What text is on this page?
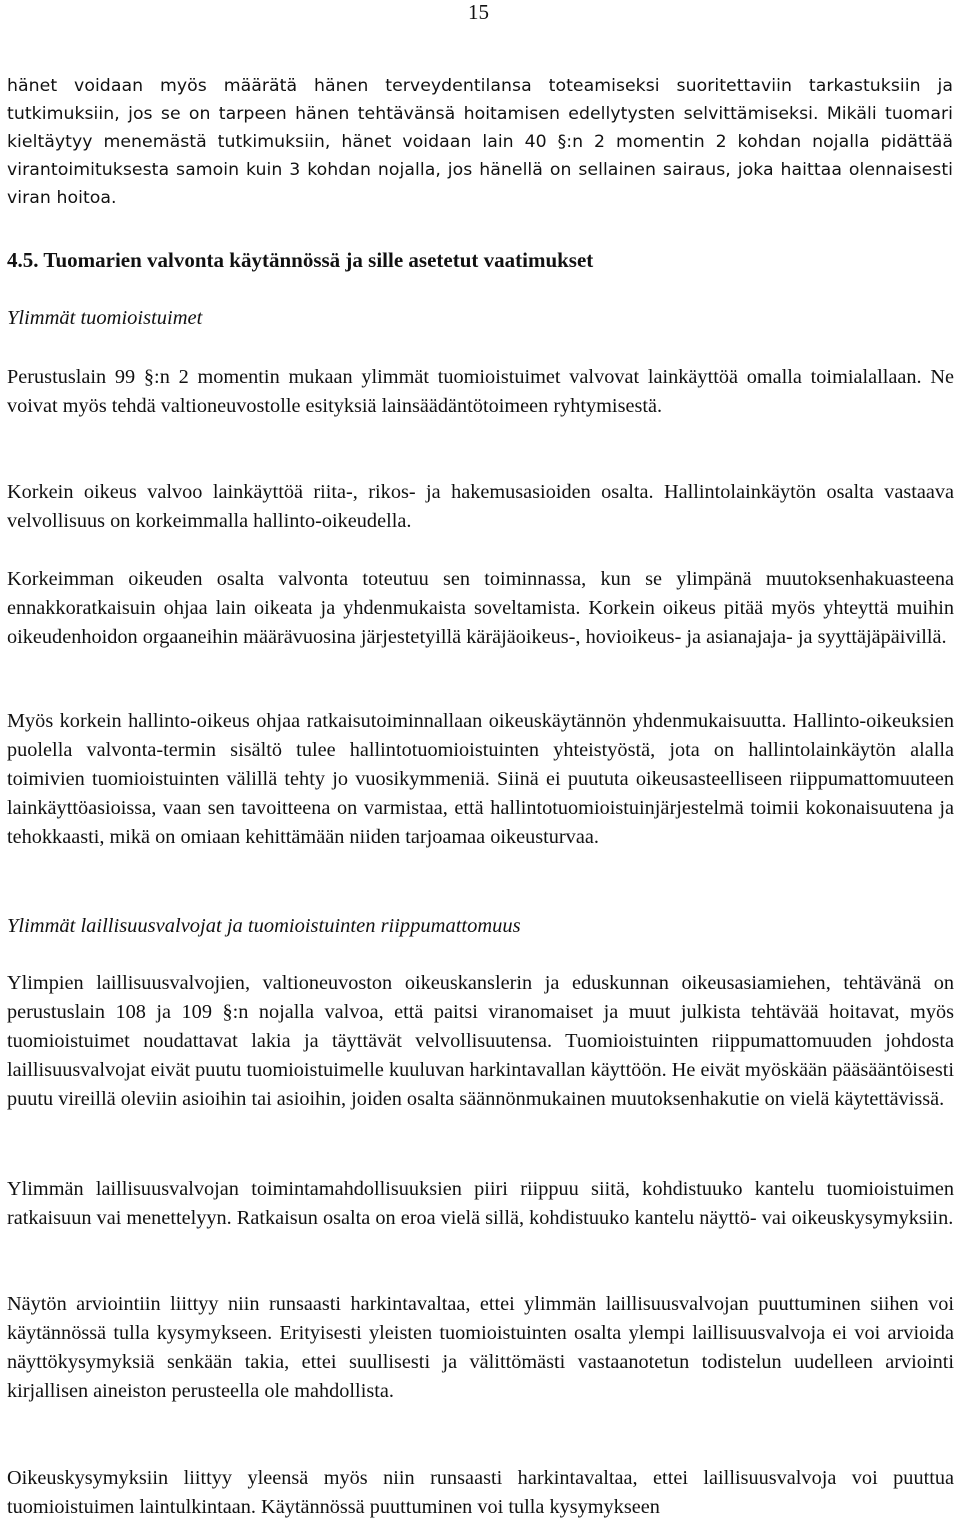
15

hänet voidaan myös määrätä hänen terveydentilansa toteamiseksi suoritettaviin tarkastuksiin ja tutkimuksiin, jos se on tarpeen hänen tehtävänsä hoitamisen edellytysten selvittämiseksi. Mikäli tuomari kieltäytyy menemästä tutkimuksiin, hänet voidaan lain 40 §:n 2 momentin 2 kohdan nojalla pidättää virantoimituksesta samoin kuin 3 kohdan nojalla, jos hänellä on sellainen sairaus, joka haittaa olennaisesti viran hoitoa.

4.5. Tuomarien valvonta käytännössä ja sille asetetut vaatimukset
Ylimmät tuomioistuimet

Perustuslain 99 §:n 2 momentin mukaan ylimmät tuomioistuimet valvovat lainkäyttöä omalla toimialallaan. Ne voivat myös tehdä valtioneuvostolle esityksiä lainsäädäntötoimeen ryhtymisestä.

Korkein oikeus valvoo lainkäyttöä riita-, rikos- ja hakemusasioiden osalta. Hallintolainkäytön osalta vastaava velvollisuus on korkeimmalla hallinto-oikeudella.

Korkeimman oikeuden osalta valvonta toteutuu sen toiminnassa, kun se ylimpänä muutoksenhakuasteena ennakkoratkaisuin ohjaa lain oikeata ja yhdenmukaista soveltamista. Korkein oikeus pitää myös yhteyttä muihin oikeudenhoidon orgaaneihin määrävuosina järjestetyillä käräjäoikeus-, hovioikeus- ja asianajaja- ja syyttäjäpäivillä.

Myös korkein hallinto-oikeus ohjaa ratkaisutoiminnallaan oikeuskäytännön yhdenmukaisuutta. Hallinto-oikeuksien puolella valvonta-termin sisältö tulee hallintotuomioistuinten yhteistyöstä, jota on hallintolainkäytön alalla toimivien tuomioistuinten välillä tehty jo vuosikymmeniä. Siinä ei puututa oikeusasteelliseen riippumattomuuteen lainkäyttöasioissa, vaan sen tavoitteena on varmistaa, että hallintotuomioistuinjärjestelmä toimii kokonaisuutena ja tehokkaasti, mikä on omiaan kehittämään niiden tarjoamaa oikeusturvaa.

Ylimmät laillisuusvalvojat ja tuomioistuinten riippumattomuus

Ylimpien laillisuusvalvojien, valtioneuvoston oikeuskanslerin ja eduskunnan oikeusasiamiehen, tehtävänä on perustuslain 108 ja 109 §:n nojalla valvoa, että paitsi viranomaiset ja muut julkista tehtävää hoitavat, myös tuomioistuimet noudattavat lakia ja täyttävät velvollisuutensa. Tuomioistuinten riippumattomuuden johdosta laillisuusvalvojat eivät puutu tuomioistuimelle kuuluvan harkintavallan käyttöön. He eivät myöskään pääsääntöisesti puutu vireillä oleviin asioihin tai asioihin, joiden osalta säännönmukainen muutoksenhakutie on vielä käytettävissä.

Ylimmän laillisuusvalvojan toimintamahdollisuuksien piiri riippuu siitä, kohdistuuko kantelu tuomioistuimen ratkaisuun vai menettelyyn. Ratkaisun osalta on eroa vielä sillä, kohdistuuko kantelu näyttö- vai oikeuskysymyksiin.

Näytön arviointiin liittyy niin runsaasti harkintavaltaa, ettei ylimmän laillisuusvalvojan puuttuminen siihen voi käytännössä tulla kysymykseen. Erityisesti yleisten tuomioistuinten osalta ylempi laillisuusvalvoja ei voi arvioida näyttökysymyksiä senkään takia, ettei suullisesti ja välittömästi vastaanotetun todistelun uudelleen arviointi kirjallisen aineiston perusteella ole mahdollista.

Oikeuskysymyksiin liittyy yleensä myös niin runsaasti harkintavaltaa, ettei laillisuusvalvoja voi puuttua tuomioistuimen laintulkintaan. Käytännössä puuttuminen voi tulla kysymykseen
